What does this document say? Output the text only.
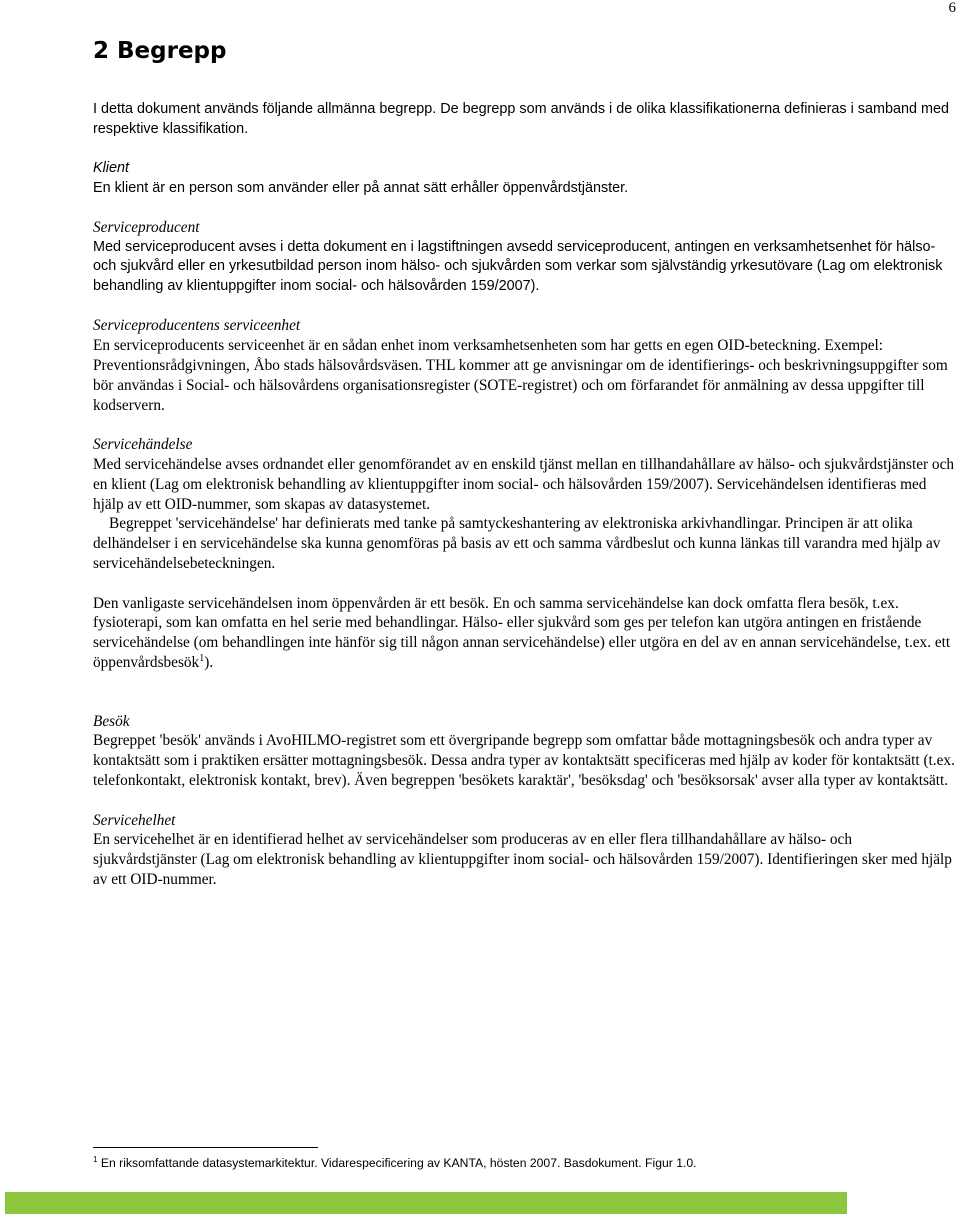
6
2 Begrepp

I detta dokument används följande allmänna begrepp. De begrepp som används i de olika klassifikationerna definieras i samband med respektive klassifikation.

Klient

En klient är en person som använder eller på annat sätt erhåller öppenvårdstjänster.

Serviceproducent

Med serviceproducent avses i detta dokument en i lagstiftningen avsedd serviceproducent, antingen en verksamhetsenhet för hälso- och sjukvård eller en yrkesutbildad person inom hälso- och sjukvården som verkar som självständig yrkesutövare (Lag om elektronisk behandling av klientuppgifter inom social- och hälsovården 159/2007).

Serviceproducentens serviceenhet

En serviceproducents serviceenhet är en sådan enhet inom verksamhetsenheten som har getts en egen OID-beteckning. Exempel: Preventionsrådgivningen, Åbo stads hälsovårdsväsen. THL kommer att ge anvisningar om de identifierings- och beskrivningsuppgifter som bör användas i Social- och hälsovårdens organisationsregister (SOTE-registret) och om förfarandet för anmälning av dessa uppgifter till kodservern.

Servicehändelse

Med servicehändelse avses ordnandet eller genomförandet av en enskild tjänst mellan en tillhandahållare av hälso- och sjukvårdstjänster och en klient (Lag om elektronisk behandling av klientuppgifter inom social- och hälsovården 159/2007). Servicehändelsen identifieras med hjälp av ett OID-nummer, som skapas av datasystemet.

Begreppet 'servicehändelse' har definierats med tanke på samtyckeshantering av elektroniska arkivhandlingar. Principen är att olika delhändelser i en servicehändelse ska kunna genomföras på basis av ett och samma vårdbeslut och kunna länkas till varandra med hjälp av servicehändelsebeteckningen.

Den vanligaste servicehändelsen inom öppenvården är ett besök. En och samma servicehändelse kan dock omfatta flera besök, t.ex. fysioterapi, som kan omfatta en hel serie med behandlingar. Hälso- eller sjukvård som ges per telefon kan utgöra antingen en fristående servicehändelse (om behandlingen inte hänför sig till någon annan servicehändelse) eller utgöra en del av en annan servicehändelse, t.ex. ett öppenvårdsbesök$^1$).

Besök

Begreppet 'besök' används i AvoHILMO-registret som ett övergripande begrepp som omfattar både mottagningsbesök och andra typer av kontaktsätt som i praktiken ersätter mottagningsbesök. Dessa andra typer av kontaktsätt specificeras med hjälp av koder för kontaktsätt (t.ex. telefonkontakt, elektronisk kontakt, brev). Även begreppen 'besökets karaktär', 'besöksdag' och 'besöksorsak' avser alla typer av kontaktsätt.

Servicehelhet

En servicehelhet är en identifierad helhet av servicehändelser som produceras av en eller flera tillhandahållare av hälso- och sjukvårdstjänster (Lag om elektronisk behandling av klientuppgifter inom social- och hälsovården 159/2007). Identifieringen sker med hjälp av ett OID-nummer.

$^1$ En riksomfattande datasystemarkitektur. Vidarespecificering av KANTA, hösten 2007. Basdokument. Figur 1.0.
